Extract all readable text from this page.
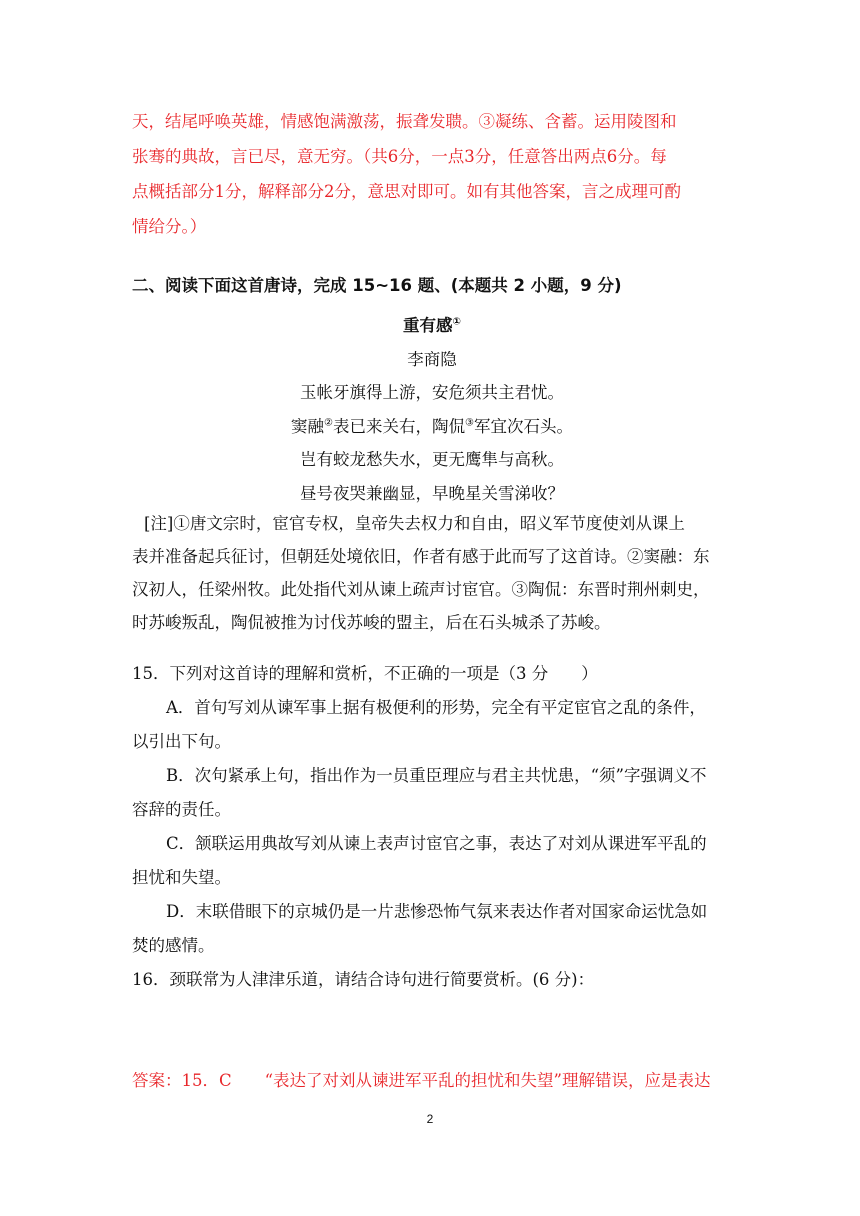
天，结尾呼唤英雄，情感饱满激荡，振聋发聩。③凝练、含蓄。运用陵图和
张骞的典故，言已尽，意无穷。（共6分，一点3分，任意答出两点6分。每
点概括部分1分，解释部分2分，意思对即可。如有其他答案，言之成理可酌
情给分。）
二、阅读下面这首唐诗，完成 15~16 题、(本题共 2 小题，9 分)
重有感①
李商隐
玉帐牙旗得上游，安危须共主君忧。
窦融②表已来关右，陶侃③军宜次石头。
岂有蛟龙愁失水，更无鹰隼与高秋。
昼号夜哭兼幽显，早晚星关雪涕收？
[注]①唐文宗时，宦官专权，皇帝失去权力和自由，昭义军节度使刘从课上
表并准备起兵征讨，但朝廷处境依旧，作者有感于此而写了这首诗。②窦融：东
汉初人，任梁州牧。此处指代刘从谏上疏声讨宦官。③陶侃：东晋时荆州刺史，
时苏峻叛乱，陶侃被推为讨伐苏峻的盟主，后在石头城杀了苏峻。
15．下列对这首诗的理解和赏析，不正确的一项是（3 分　　）
A．首句写刘从谏军事上据有极便利的形势，完全有平定宦官之乱的条件，
以引出下句。
B．次句紧承上句，指出作为一员重臣理应与君主共忧患，“须”字强调义不
容辞的责任。
C．颔联运用典故写刘从谏上表声讨宦官之事，表达了对刘从课进军平乱的
担忧和失望。
D．末联借眼下的京城仍是一片悲惨恐怖气氛来表达作者对国家命运忧急如
焚的感情。
16．颈联常为人津津乐道，请结合诗句进行简要赏析。(6 分)：
答案：15．C　　“表达了对刘从谏进军平乱的担忧和失望”理解错误，应是表达
2
